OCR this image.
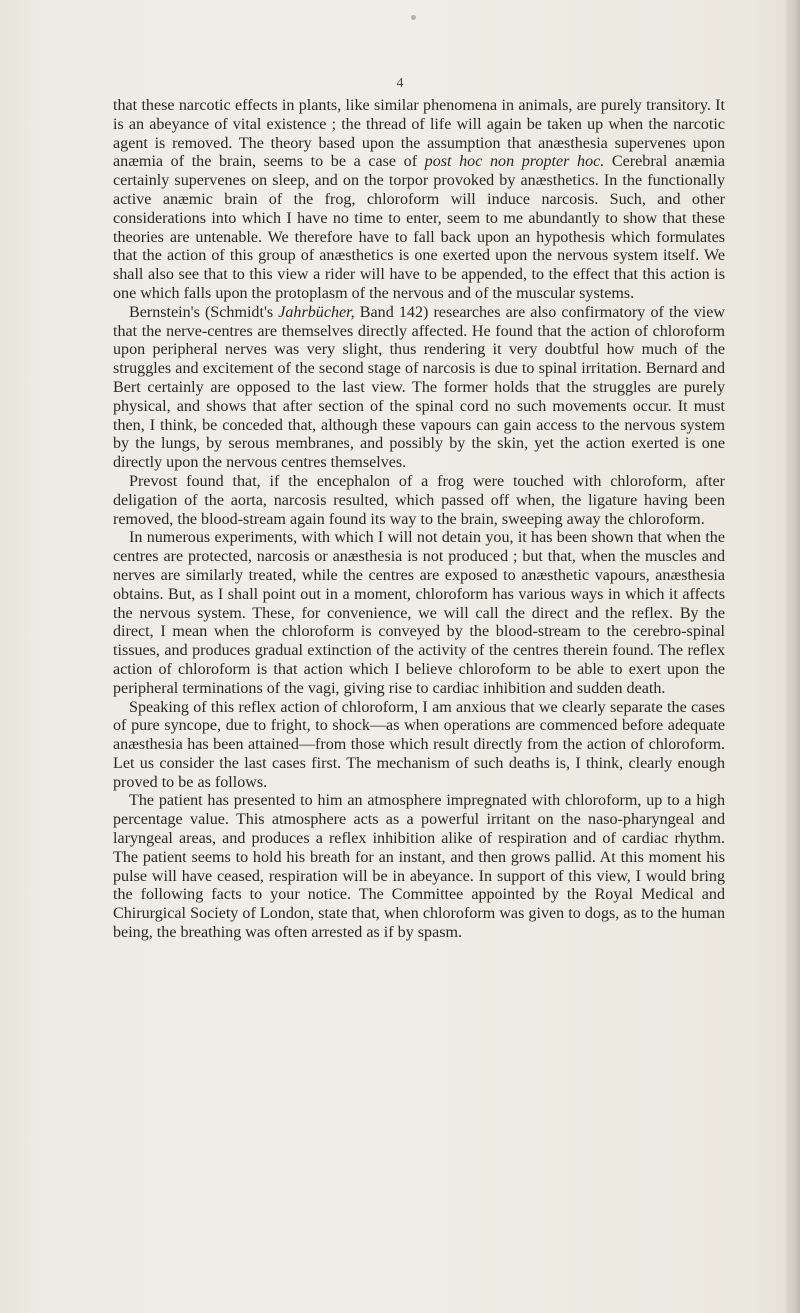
4

that these narcotic effects in plants, like similar phenomena in animals, are purely transitory. It is an abeyance of vital existence ; the thread of life will again be taken up when the narcotic agent is removed. The theory based upon the assumption that anæsthesia supervenes upon anæmia of the brain, seems to be a case of post hoc non propter hoc. Cerebral anæmia certainly supervenes on sleep, and on the torpor provoked by anæsthetics. In the functionally active anæmic brain of the frog, chloroform will induce narcosis. Such, and other considerations into which I have no time to enter, seem to me abundantly to show that these theories are untenable. We therefore have to fall back upon an hypothesis which formulates that the action of this group of anæsthetics is one exerted upon the nervous system itself. We shall also see that to this view a rider will have to be appended, to the effect that this action is one which falls upon the protoplasm of the nervous and of the muscular systems.

Bernstein's (Schmidt's Jahrbücher, Band 142) researches are also confirmatory of the view that the nerve-centres are themselves directly affected. He found that the action of chloroform upon peripheral nerves was very slight, thus rendering it very doubtful how much of the struggles and excitement of the second stage of narcosis is due to spinal irritation. Bernard and Bert certainly are opposed to the last view. The former holds that the struggles are purely physical, and shows that after section of the spinal cord no such movements occur. It must then, I think, be conceded that, although these vapours can gain access to the nervous system by the lungs, by serous membranes, and possibly by the skin, yet the action exerted is one directly upon the nervous centres themselves.

Prevost found that, if the encephalon of a frog were touched with chloroform, after deligation of the aorta, narcosis resulted, which passed off when, the ligature having been removed, the blood-stream again found its way to the brain, sweeping away the chloroform.

In numerous experiments, with which I will not detain you, it has been shown that when the centres are protected, narcosis or anæsthesia is not produced ; but that, when the muscles and nerves are similarly treated, while the centres are exposed to anæsthetic vapours, anæsthesia obtains. But, as I shall point out in a moment, chloroform has various ways in which it affects the nervous system. These, for convenience, we will call the direct and the reflex. By the direct, I mean when the chloroform is conveyed by the blood-stream to the cerebro-spinal tissues, and produces gradual extinction of the activity of the centres therein found. The reflex action of chloroform is that action which I believe chloroform to be able to exert upon the peripheral terminations of the vagi, giving rise to cardiac inhibition and sudden death.

Speaking of this reflex action of chloroform, I am anxious that we clearly separate the cases of pure syncope, due to fright, to shock—as when operations are commenced before adequate anæsthesia has been attained—from those which result directly from the action of chloroform. Let us consider the last cases first. The mechanism of such deaths is, I think, clearly enough proved to be as follows.

The patient has presented to him an atmosphere impregnated with chloroform, up to a high percentage value. This atmosphere acts as a powerful irritant on the naso-pharyngeal and laryngeal areas, and produces a reflex inhibition alike of respiration and of cardiac rhythm. The patient seems to hold his breath for an instant, and then grows pallid. At this moment his pulse will have ceased, respiration will be in abeyance. In support of this view, I would bring the following facts to your notice. The Committee appointed by the Royal Medical and Chirurgical Society of London, state that, when chloroform was given to dogs, as to the human being, the breathing was often arrested as if by spasm.
